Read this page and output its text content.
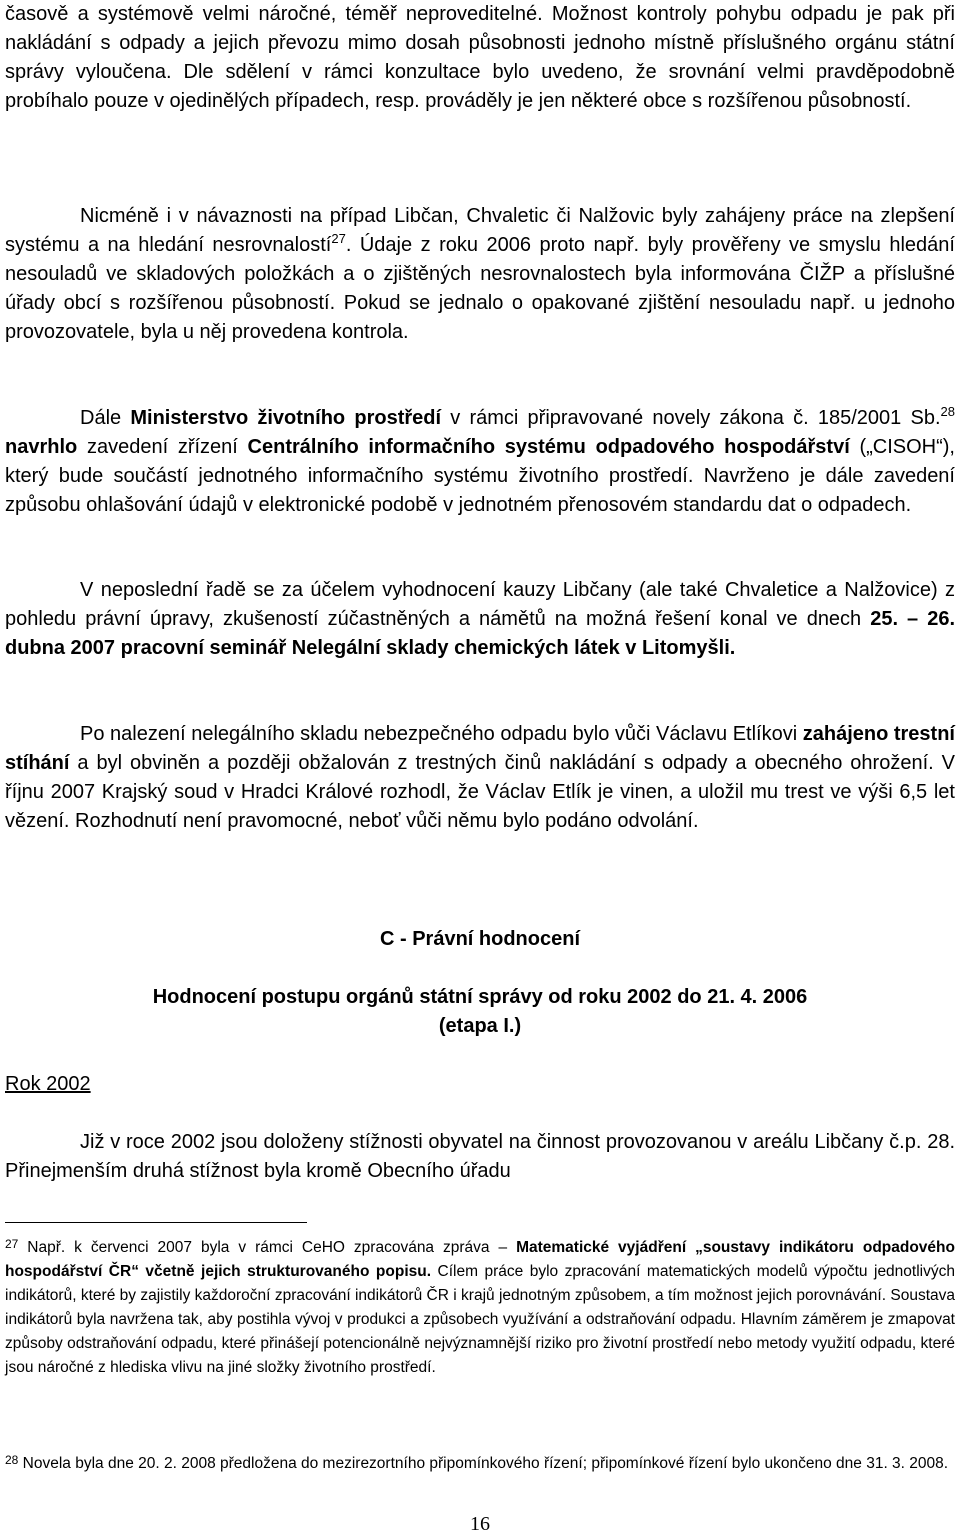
časově a systémově velmi náročné, téměř neproveditelné. Možnost kontroly pohybu odpadu je pak při nakládání s odpady a jejich převozu mimo dosah působnosti jednoho místně příslušného orgánu státní správy vyloučena. Dle sdělení v rámci konzultace bylo uvedeno, že srovnání velmi pravděpodobně probíhalo pouze v ojedinělých případech, resp. prováděly je jen některé obce s rozšířenou působností.

Nicméně i v návaznosti na případ Libčan, Chvaletic či Nalžovic byly zahájeny práce na zlepšení systému a na hledání nesrovnalostí$^{27}$. Údaje z roku 2006 proto např. byly prověřeny ve smyslu hledání nesouladů ve skladových položkách a o zjištěných nesrovnalostech byla informována ČIŽP a příslušné úřady obcí s rozšířenou působností. Pokud se jednalo o opakované zjištění nesouladu např. u jednoho provozovatele, byla u něj provedena kontrola.

Dále Ministerstvo životního prostředí v rámci připravované novely zákona č. 185/2001 Sb.$^{28}$ navrhlo zavedení zřízení Centrálního informačního systému odpadového hospodářství („CISOH“), který bude součástí jednotného informačního systému životního prostředí. Navrženo je dále zavedení způsobu ohlašování údajů v elektronické podobě v jednotném přenosovém standardu dat o odpadech.

V neposlední řadě se za účelem vyhodnocení kauzy Libčany (ale také Chvaletice a Nalžovice) z pohledu právní úpravy, zkušeností zúčastněných a námětů na možná řešení konal ve dnech 25. – 26. dubna 2007 pracovní seminář Nelegální sklady chemických látek v Litomyšli.

Po nalezení nelegálního skladu nebezpečného odpadu bylo vůči Václavu Etlíkovi zahájeno trestní stíhání a byl obviněn a později obžalován z trestných činů nakládání s odpady a obecného ohrožení. V říjnu 2007 Krajský soud v Hradci Králové rozhodl, že Václav Etlík je vinen, a uložil mu trest ve výši 6,5 let vězení. Rozhodnutí není pravomocné, neboť vůči němu bylo podáno odvolání.

C - Právní hodnocení

Hodnocení postupu orgánů státní správy od roku 2002 do 21. 4. 2006

(etapa I.)

Rok 2002

Již v roce 2002 jsou doloženy stížnosti obyvatel na činnost provozovanou v areálu Libčany č.p. 28. Přinejmenším druhá stížnost byla kromě Obecního úřadu

$^{27}$ Např. k červenci 2007 byla v rámci CeHO zpracována zpráva – Matematické vyjádření „soustavy indikátoru odpadového hospodářství ČR“ včetně jejich strukturovaného popisu. Cílem práce bylo zpracování matematických modelů výpočtu jednotlivých indikátorů, které by zajistily každoroční zpracování indikátorů ČR i krajů jednotným způsobem, a tím možnost jejich porovnávání. Soustava indikátorů byla navržena tak, aby postihla vývoj v produkci a způsobech využívání a odstraňování odpadu. Hlavním záměrem je zmapovat způsoby odstraňování odpadu, které přinášejí potencionálně nejvýznamnější riziko pro životní prostředí nebo metody využití odpadu, které jsou náročné z hlediska vlivu na jiné složky životního prostředí.

$^{28}$ Novela byla dne 20. 2. 2008 předložena do mezirezortního připomínkového řízení; připomínkové řízení bylo ukončeno dne 31. 3. 2008.

16
